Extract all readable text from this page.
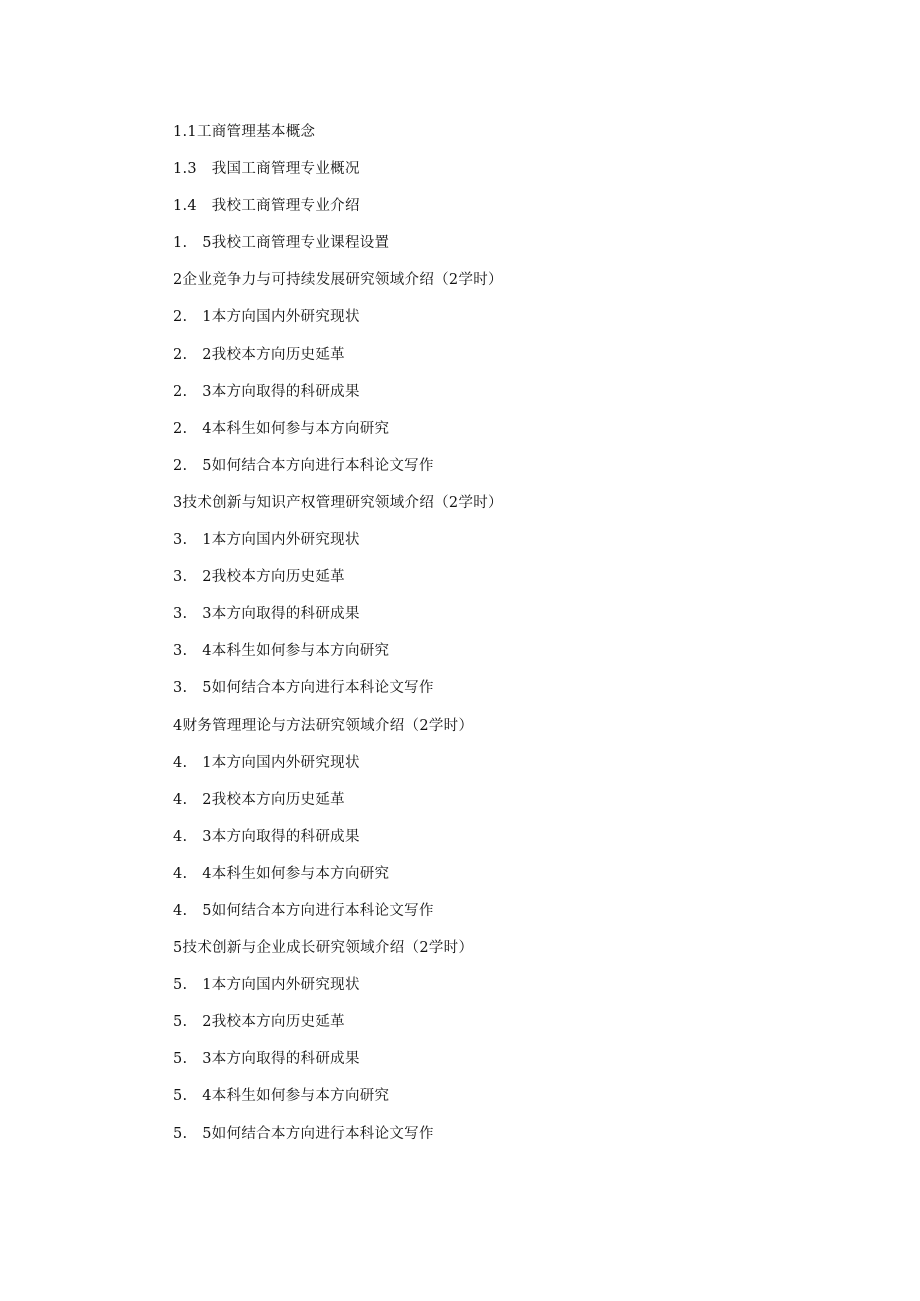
1.1工商管理基本概念
1.3　我国工商管理专业概况
1.4　我校工商管理专业介绍
1.　5我校工商管理专业课程设置
2企业竞争力与可持续发展研究领域介绍（2学时）
2.　1本方向国内外研究现状
2.　2我校本方向历史延革
2.　3本方向取得的科研成果
2.　4本科生如何参与本方向研究
2.　5如何结合本方向进行本科论文写作
3技术创新与知识产权管理研究领域介绍（2学时）
3.　1本方向国内外研究现状
3.　2我校本方向历史延革
3.　3本方向取得的科研成果
3.　4本科生如何参与本方向研究
3.　5如何结合本方向进行本科论文写作
4财务管理理论与方法研究领域介绍（2学时）
4.　1本方向国内外研究现状
4.　2我校本方向历史延革
4.　3本方向取得的科研成果
4.　4本科生如何参与本方向研究
4.　5如何结合本方向进行本科论文写作
5技术创新与企业成长研究领域介绍（2学时）
5.　1本方向国内外研究现状
5.　2我校本方向历史延革
5.　3本方向取得的科研成果
5.　4本科生如何参与本方向研究
5.　5如何结合本方向进行本科论文写作
